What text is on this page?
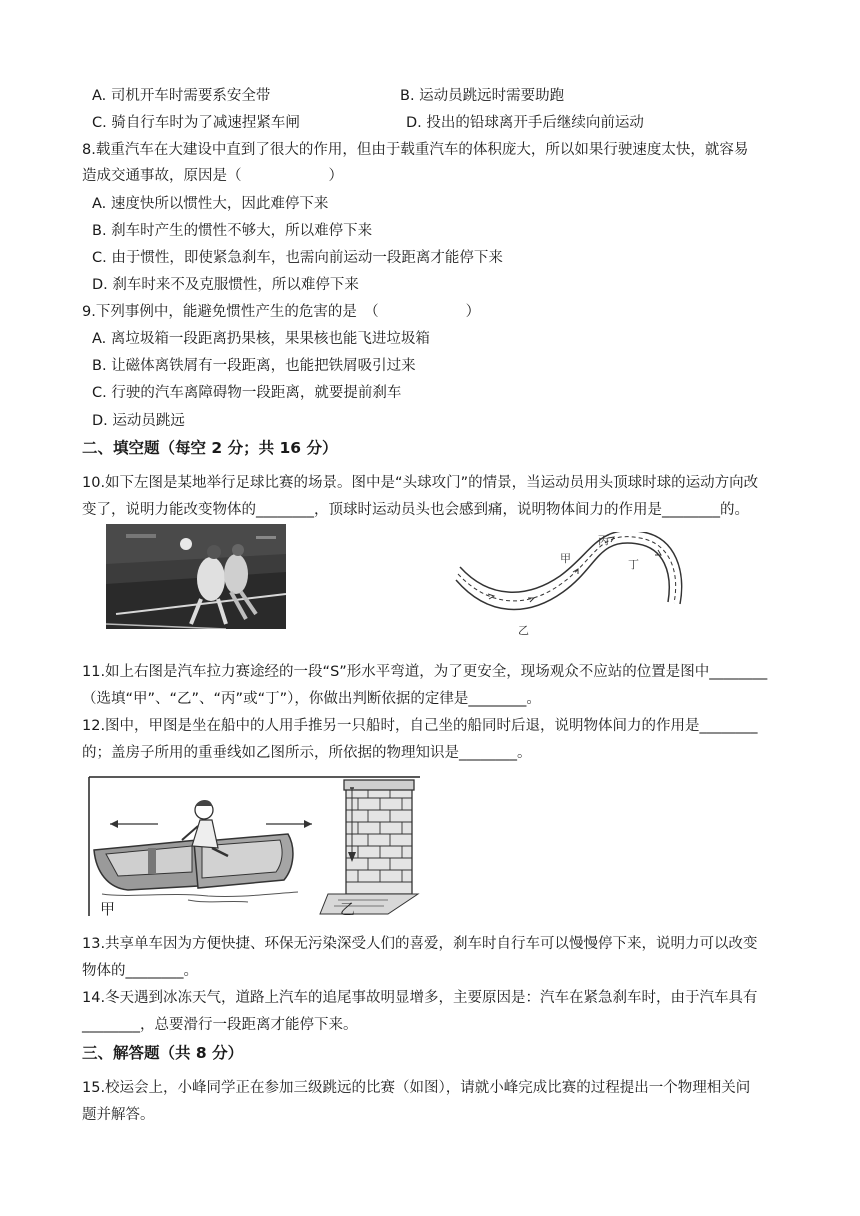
A. 司机开车时需要系安全带	B. 运动员跳远时需要助跑
C. 骑自行车时为了减速捏紧车闸	D. 投出的铅球离开手后继续向前运动
8.载重汽车在大建设中直到了很大的作用，但由于载重汽车的体积庞大，所以如果行驶速度太快，就容易
造成交通事故，原因是（　　　　　　）
A. 速度快所以惯性大，因此难停下来
B. 刹车时产生的惯性不够大，所以难停下来
C. 由于惯性，即使紧急刹车，也需向前运动一段距离才能停下来
D. 刹车时来不及克服惯性，所以难停下来
9.下列事例中，能避免惯性产生的危害的是　（　　　　　　）
A. 离垃圾箱一段距离扔果核，果果核也能飞进垃圾箱
B. 让磁体离铁屑有一段距离，也能把铁屑吸引过来
C. 行驶的汽车离障碍物一段距离，就要提前刹车
D. 运动员跳远
二、填空题（每空 2 分；共 16 分）
10.如下左图是某地举行足球比赛的场景。图中是“头球攻门”的情景，当运动员用头顶球时球的运动方向改
变了，说明力能改变物体的________，顶球时运动员头也会感到痛，说明物体间力的作用是________的。
甲
丙
丁
乙
11.如上右图是汽车拉力赛途经的一段“S”形水平弯道，为了更安全，现场观众不应站的位置是图中________
（选填“甲”、“乙”、“丙”或“丁”），你做出判断依据的定律是________。
12.图中，甲图是坐在船中的人用手推另一只船时，自己坐的船同时后退，说明物体间力的作用是________
的；盖房子所用的重垂线如乙图所示，所依据的物理知识是________。
甲	乙
13.共享单车因为方便快捷、环保无污染深受人们的喜爱，刹车时自行车可以慢慢停下来，说明力可以改变
物体的________。
14.冬天遇到冰冻天气，道路上汽车的追尾事故明显增多，主要原因是：汽车在紧急刹车时，由于汽车具有
________，总要滑行一段距离才能停下来。
三、解答题（共 8 分）
15.校运会上，小峰同学正在参加三级跳远的比赛（如图），请就小峰完成比赛的过程提出一个物理相关问
题并解答。
